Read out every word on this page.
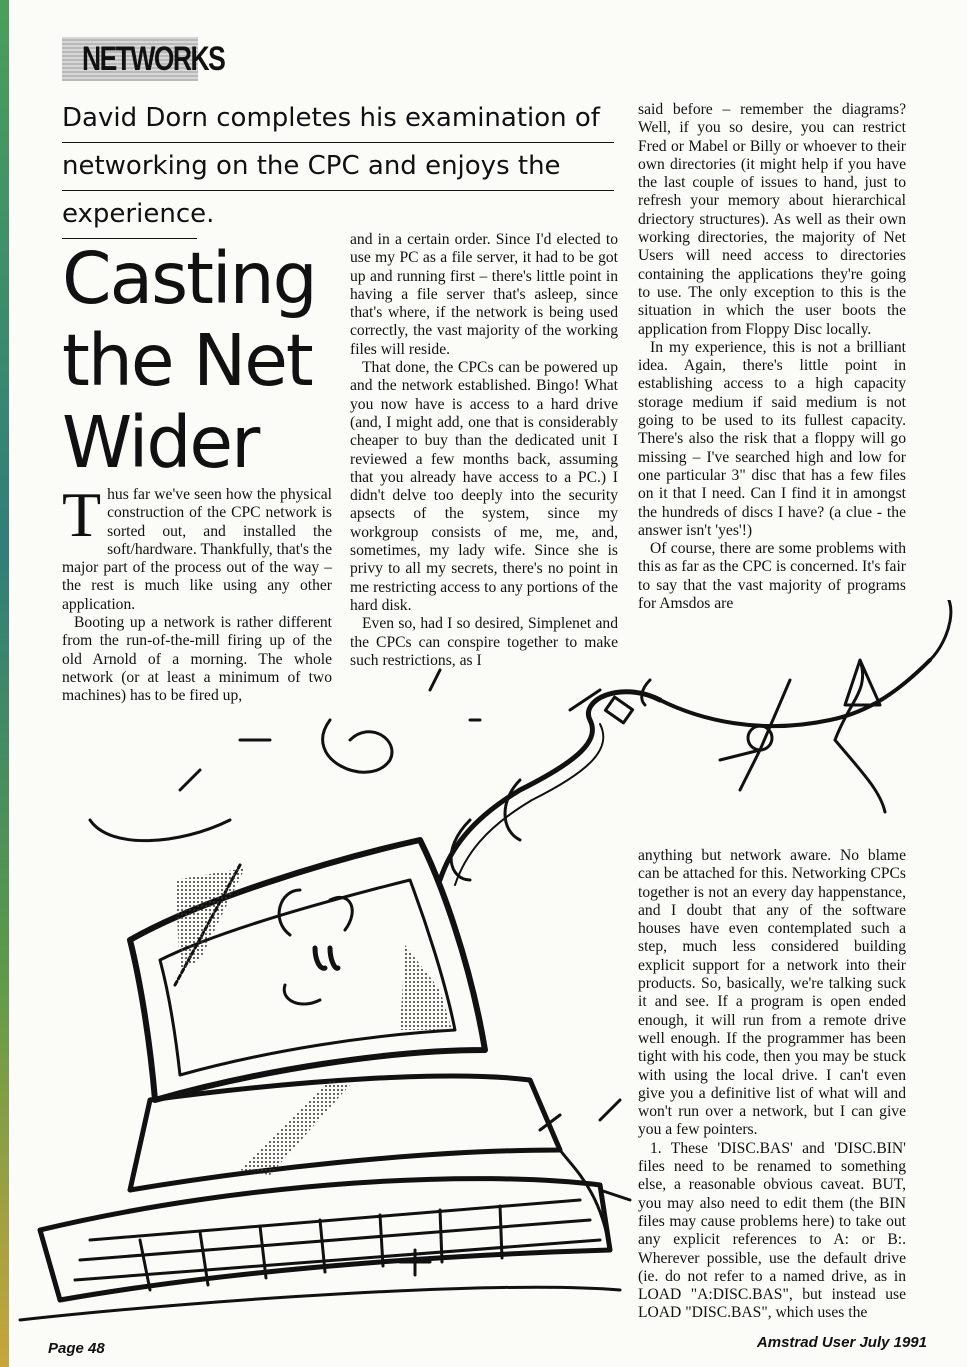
NETWORKS
David Dorn completes his examination of
networking on the CPC and enjoys the
experience.
Casting
the Net
Wider

Thus far we've seen how the physical construction of the CPC network is sorted out, and installed the soft/hardware. Thankfully, that's the major part of the process out of the way – the rest is much like using any other application.

Booting up a network is rather different from the run-of-the-mill firing up of the old Arnold of a morning. The whole network (or at least a minimum of two machines) has to be fired up,

and in a certain order. Since I'd elected to use my PC as a file server, it had to be got up and running first – there's little point in having a file server that's asleep, since that's where, if the network is being used correctly, the vast majority of the working files will reside.

That done, the CPCs can be powered up and the network established. Bingo! What you now have is access to a hard drive (and, I might add, one that is considerably cheaper to buy than the dedicated unit I reviewed a few months back, assuming that you already have access to a PC.) I didn't delve too deeply into the security apsects of the system, since my workgroup consists of me, me, and, sometimes, my lady wife. Since she is privy to all my secrets, there's no point in me restricting access to any portions of the hard disk.

Even so, had I so desired, Simplenet and the CPCs can conspire together to make such restrictions, as I

said before – remember the diagrams? Well, if you so desire, you can restrict Fred or Mabel or Billy or whoever to their own directories (it might help if you have the last couple of issues to hand, just to refresh your memory about hierarchical driectory structures). As well as their own working directories, the majority of Net Users will need access to directories containing the applications they're going to use. The only exception to this is the situation in which the user boots the application from Floppy Disc locally.

In my experience, this is not a brilliant idea. Again, there's little point in establishing access to a high capacity storage medium if said medium is not going to be used to its fullest capacity. There's also the risk that a floppy will go missing – I've searched high and low for one particular 3" disc that has a few files on it that I need. Can I find it in amongst the hundreds of discs I have? (a clue - the answer isn't 'yes'!)

Of course, there are some problems with this as far as the CPC is concerned. It's fair to say that the vast majority of programs for Amsdos are

anything but network aware. No blame can be attached for this. Networking CPCs together is not an every day happenstance, and I doubt that any of the software houses have even contemplated such a step, much less considered building explicit support for a network into their products. So, basically, we're talking suck it and see. If a program is open ended enough, it will run from a remote drive well enough. If the programmer has been tight with his code, then you may be stuck with using the local drive. I can't even give you a definitive list of what will and won't run over a network, but I can give you a few pointers.

1. These 'DISC.BAS' and 'DISC.BIN' files need to be renamed to something else, a reasonable obvious caveat. BUT, you may also need to edit them (the BIN files may cause problems here) to take out any explicit references to A: or B:. Wherever possible, use the default drive (ie. do not refer to a named drive, as in LOAD "A:DISC.BAS", but instead use LOAD "DISC.BAS", which uses the

Page 48	Amstrad User July 1991
